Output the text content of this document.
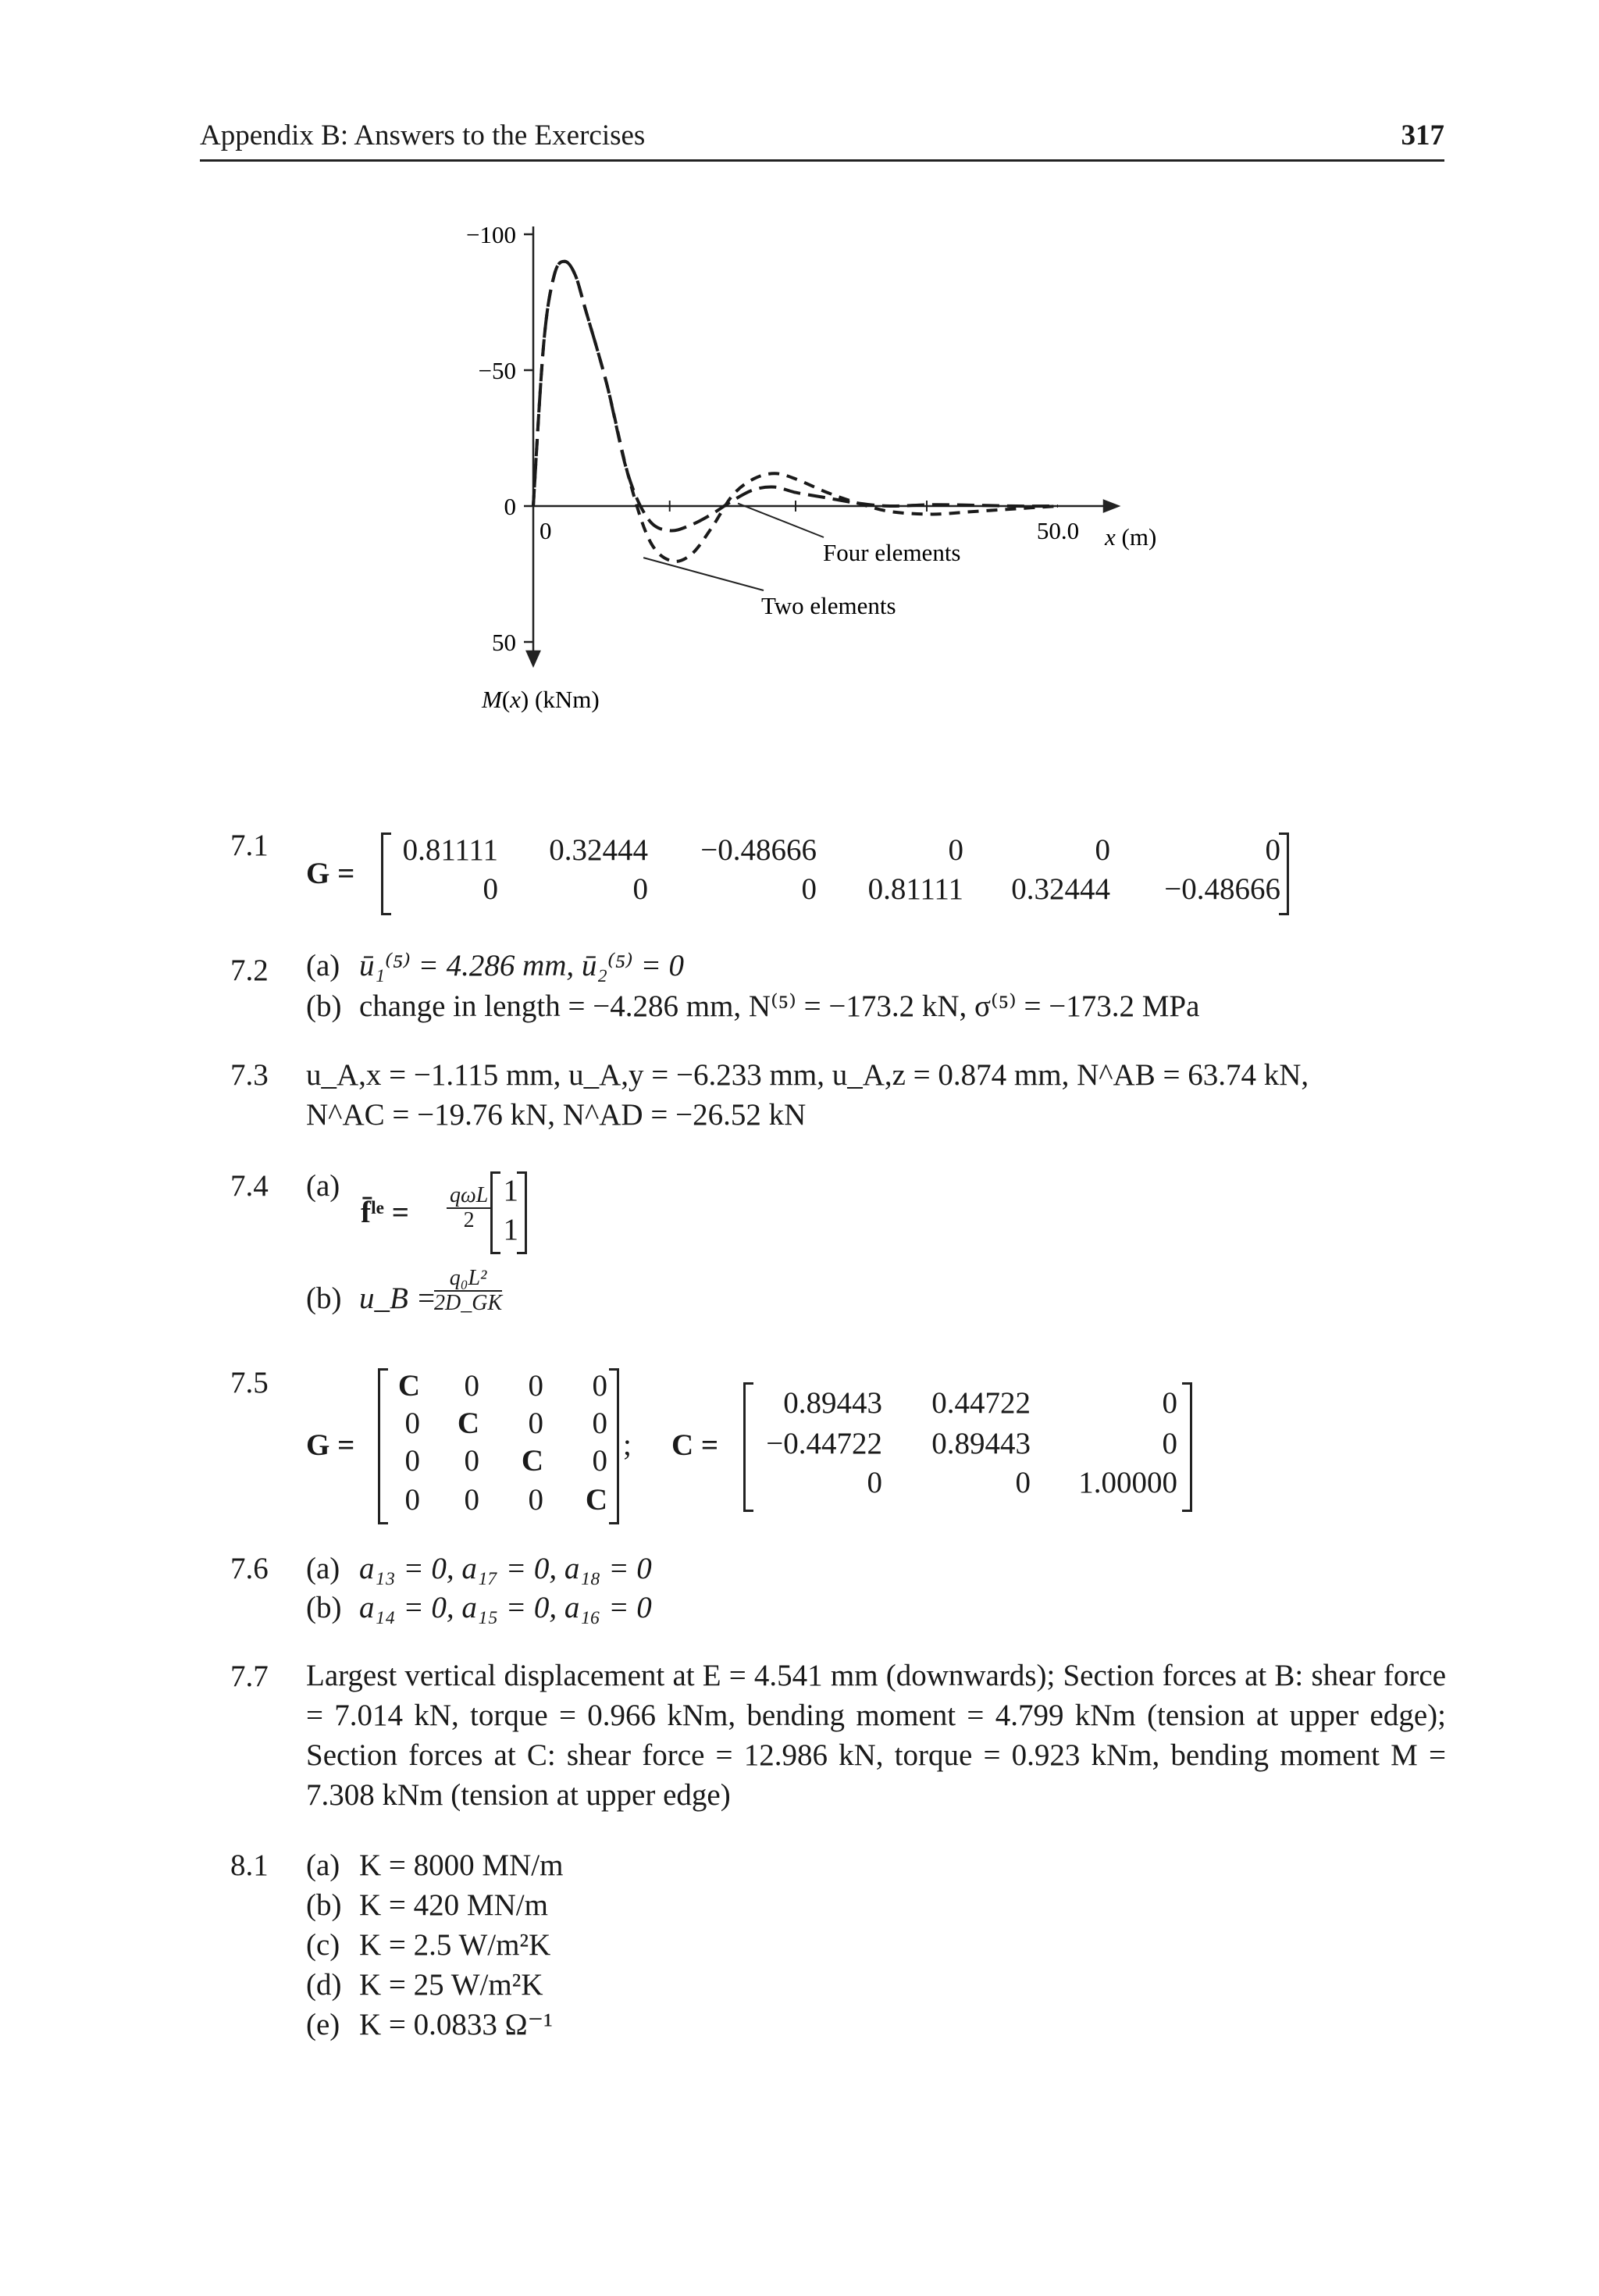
Appendix B: Answers to the Exercises	317
−100
−50
0
50
0	50.0
Four elements
Two elements
x (m)
M(x) (kNm)
7.1
G =
0.81111	0.32444	−0.48666	0	0	0
0	0	0	0.81111	0.32444	−0.48666
7.2 (a) ū₁⁽⁵⁾ = 4.286 mm, ū₂⁽⁵⁾ = 0
(b) change in length = −4.286 mm, N⁽⁵⁾ = −173.2 kN, σ⁽⁵⁾ = −173.2 MPa
7.3 u_A,x = −1.115 mm, u_A,y = −6.233 mm, u_A,z = 0.874 mm, N^AB = 63.74 kN,
N^AC = −19.76 kN, N^AD = −26.52 kN
7.4 (a)
f̄ˡᵉ = $\frac{\text{qωL}}{2} 1$
1
(b) u_B =
$\frac{\text{q₀L²}}{2D\_GK}$
7.5
G =
C	0	0	0
0	C	0	0
0	0	C	0
0	0	0	C
; C =
0.89443	0.44722	0
−0.44722	0.89443	0
0	0	1.00000
7.6 (a) a₁₃ = 0, a₁₇ = 0, a₁₈ = 0
(b) a₁₄ = 0, a₁₅ = 0, a₁₆ = 0
7.7 Largest vertical displacement at E = 4.541 mm (downwards); Section forces at B: shear force = 7.014 kN, torque = 0.966 kNm, bending moment = 4.799 kNm (tension at upper edge); Section forces at C: shear force = 12.986 kN, torque = 0.923 kNm, bending moment M = 7.308 kNm (tension at upper edge)
8.1 (a) K = 8000 MN/m
(b) K = 420 MN/m
(c) K = 2.5 W/m²K
(d) K = 25 W/m²K
(e) K = 0.0833 Ω⁻¹
